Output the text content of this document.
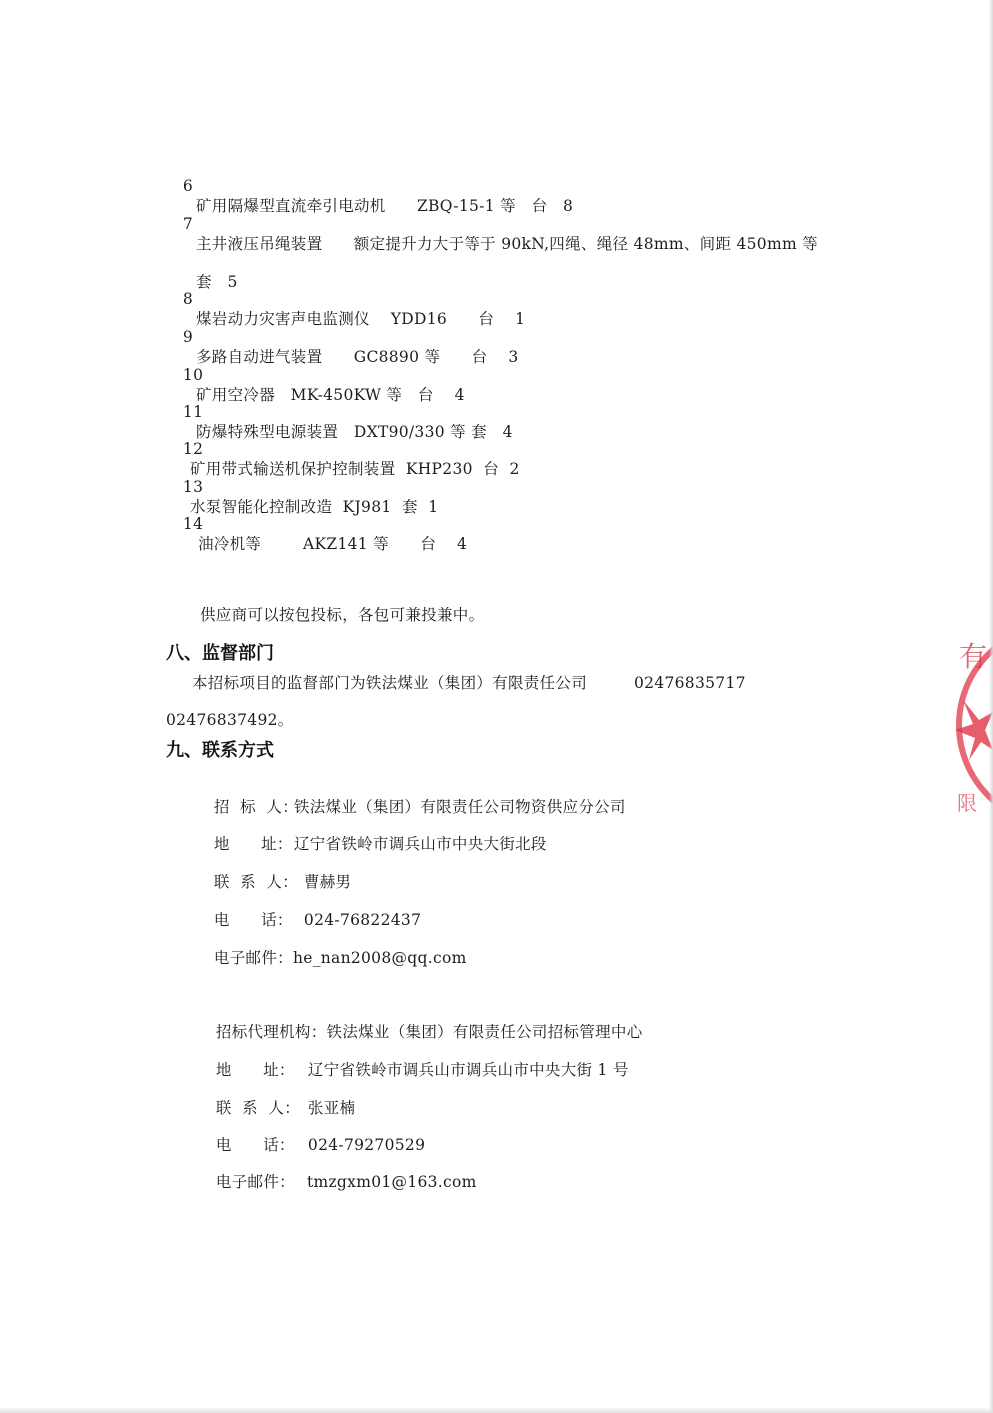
6

矿用隔爆型直流牵引电动机      ZBQ-15-1 等   台   8

7

主井液压吊绳装置      额定提升力大于等于 90kN,四绳、绳径 48mm、间距 450mm 等

套   5

8

煤岩动力灾害声电监测仪    YDD16      台    1

9

多路自动进气装置      GC8890 等      台    3

10

矿用空冷器   MK-450KW 等   台    4

11

防爆特殊型电源装置   DXT90/330 等 套   4

12

矿用带式输送机保护控制装置  KHP230  台  2

13

水泵智能化控制改造  KJ981  套  1

14

油冷机等        AKZ141 等      台    4

供应商可以按包投标，各包可兼投兼中。
八、监督部门
本招标项目的监督部门为铁法煤业（集团）有限责任公司	02476835717
02476837492。
九、联系方式

招  标  人：铁法煤业（集团）有限责任公司物资供应分公司

地      址：辽宁省铁岭市调兵山市中央大街北段

联  系  人： 曹赫男

电      话： 024-76822437

电子邮件：he_nan2008@qq.com

招标代理机构：铁法煤业（集团）有限责任公司招标管理中心

地      址： 辽宁省铁岭市调兵山市调兵山市中央大街 1 号

联  系  人： 张亚楠

电      话： 024-79270529

电子邮件： tmzgxm01@163.com

有
限
